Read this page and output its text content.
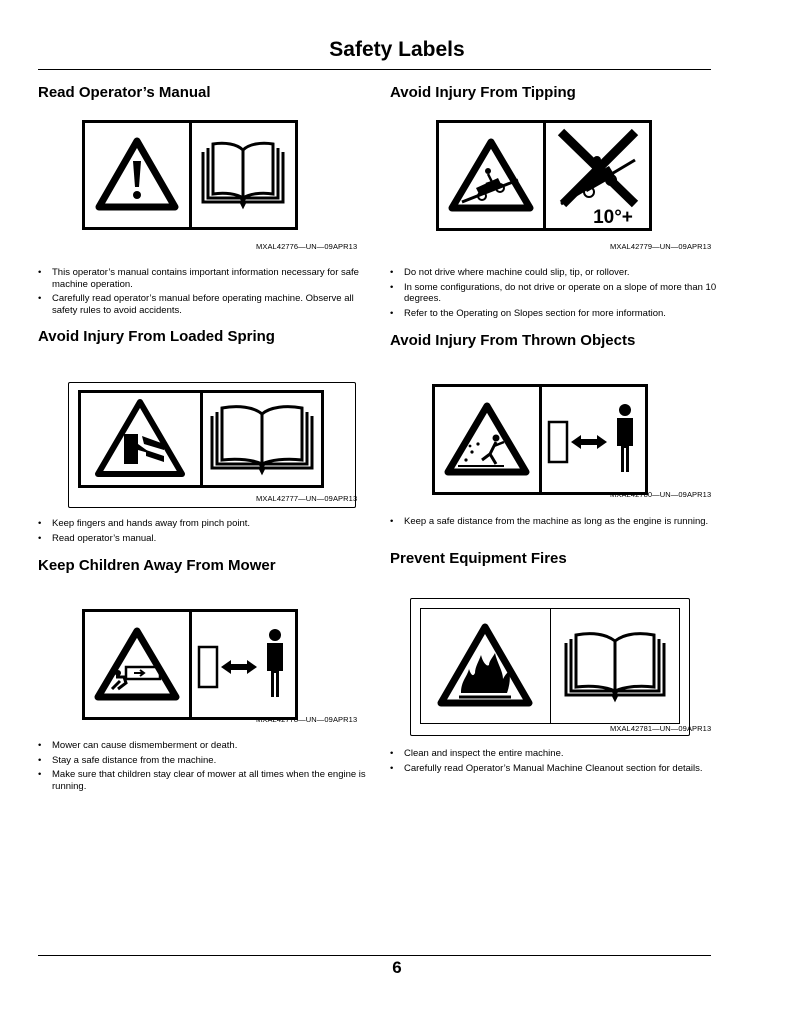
Safety Labels
Read Operator’s Manual
MXAL42776—UN—09APR13
• This operator’s manual contains important information necessary for safe machine operation.
• Carefully read operator’s manual before operating machine. Observe all safety rules to avoid accidents.
Avoid Injury From Tipping
10°+
MXAL42779—UN—09APR13
• Do not drive where machine could slip, tip, or rollover.
• In some configurations, do not drive or operate on a slope of more than 10 degrees.
• Refer to the Operating on Slopes section for more information.
Avoid Injury From Loaded Spring
MXAL42777—UN—09APR13
• Keep fingers and hands away from pinch point.
• Read operator’s manual.
Avoid Injury From Thrown Objects
MXAL42780—UN—09APR13
• Keep a safe distance from the machine as long as the engine is running.
Keep Children Away From Mower
MXAL42778—UN—09APR13
• Mower can cause dismemberment or death.
• Stay a safe distance from the machine.
• Make sure that children stay clear of mower at all times when the engine is running.
Prevent Equipment Fires
MXAL42781—UN—09APR13
• Clean and inspect the entire machine.
• Carefully read Operator’s Manual Machine Cleanout section for details.
6
